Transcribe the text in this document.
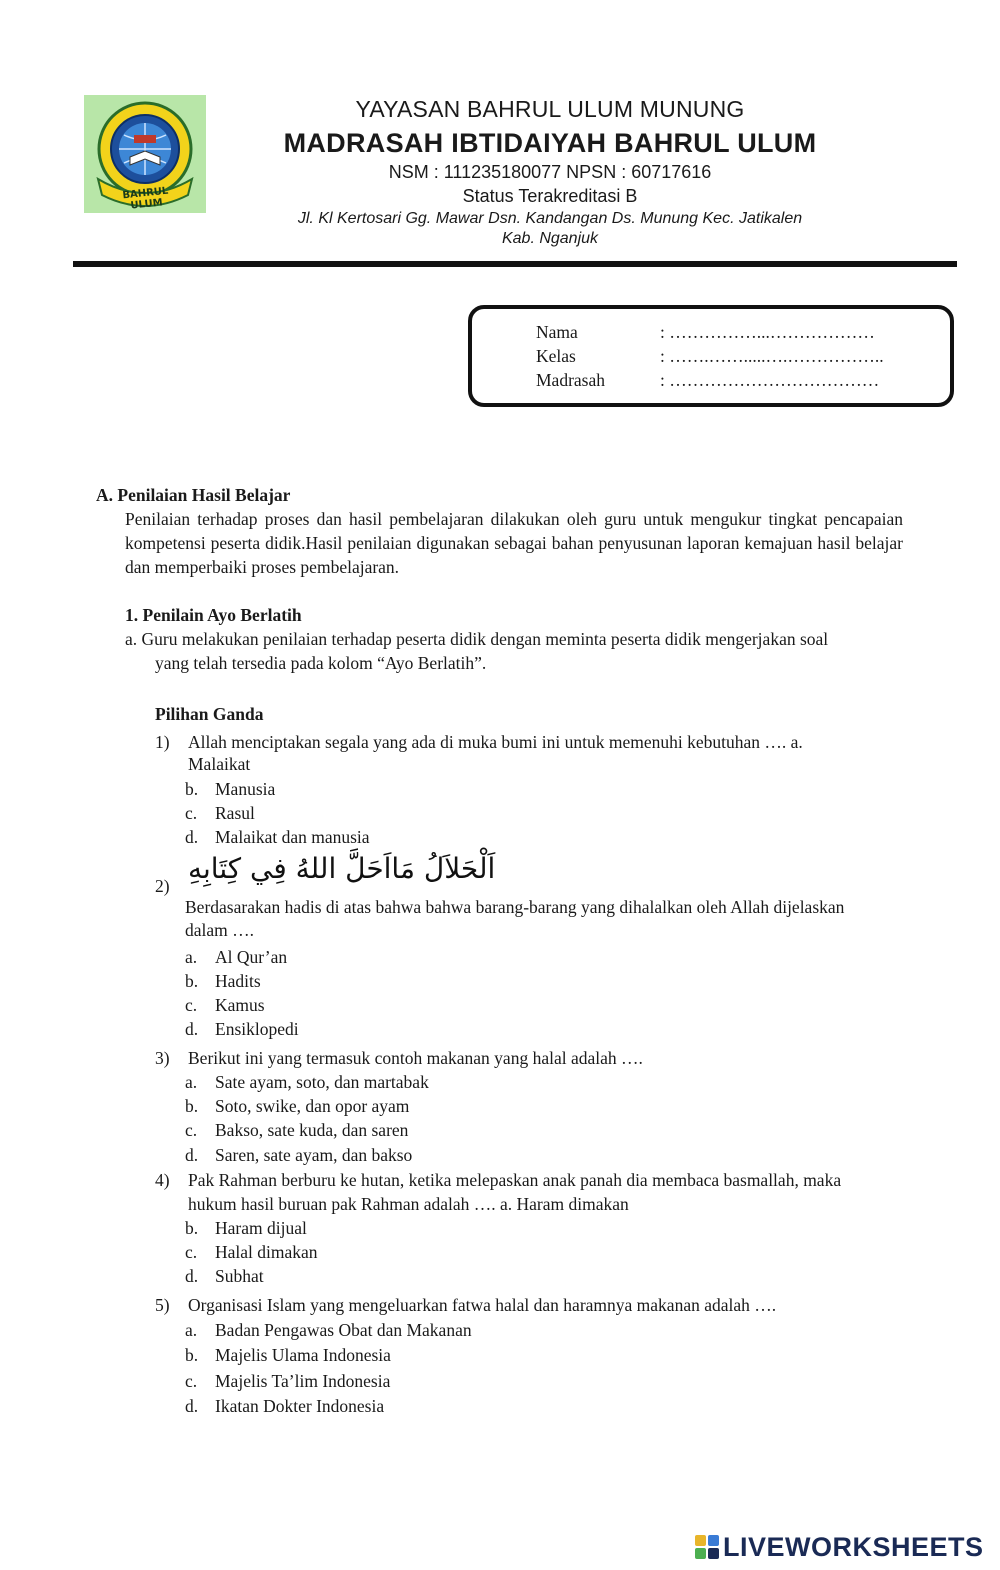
BAHRUL ULUM
YAYASAN BAHRUL ULUM MUNUNG
MADRASAH IBTIDAIYAH BAHRUL ULUM
NSM : 111235180077 NPSN : 60717616
Status Terakreditasi B
Jl. Kl Kertosari Gg. Mawar Dsn. Kandangan Ds. Munung Kec. Jatikalen
Kab. Nganjuk
Nama	: ……………...………………
Kelas	: …….…….....….……………..
Madrasah	: ………………………………
A. Penilaian Hasil Belajar
Penilaian terhadap proses dan hasil pembelajaran dilakukan oleh guru untuk mengukur tingkat pencapaian kompetensi peserta didik.Hasil penilaian digunakan sebagai bahan penyusunan laporan kemajuan hasil belajar dan memperbaiki proses pembelajaran.
1. Penilain Ayo Berlatih
a. Guru melakukan penilaian terhadap peserta didik dengan meminta peserta didik mengerjakan soal
yang telah tersedia pada kolom “Ayo Berlatih”.
Pilihan Ganda
1) Allah menciptakan segala yang ada di muka bumi ini untuk memenuhi kebutuhan …. a.
Malaikat
b. Manusia
c. Rasul
d. Malaikat dan manusia
اَلْحَلاَلُ مَااَحَلَّ اللهُ فِي كِتَابِهِ
2)
Berdasarakan hadis di atas bahwa bahwa barang-barang yang dihalalkan oleh Allah dijelaskan
dalam ….
a. Al Qur’an
b. Hadits
c. Kamus
d. Ensiklopedi
3) Berikut ini yang termasuk contoh makanan yang halal adalah ….
a. Sate ayam, soto, dan martabak
b. Soto, swike, dan opor ayam
c. Bakso, sate kuda, dan saren
d. Saren, sate ayam, dan bakso
4) Pak Rahman berburu ke hutan, ketika melepaskan anak panah dia membaca basmallah, maka
hukum hasil buruan pak Rahman adalah …. a. Haram dimakan
b. Haram dijual
c. Halal dimakan
d. Subhat
5) Organisasi Islam yang mengeluarkan fatwa halal dan haramnya makanan adalah ….
a. Badan Pengawas Obat dan Makanan
b. Majelis Ulama Indonesia
c. Majelis Ta’lim Indonesia
d. Ikatan Dokter Indonesia
LIVEWORKSHEETS
